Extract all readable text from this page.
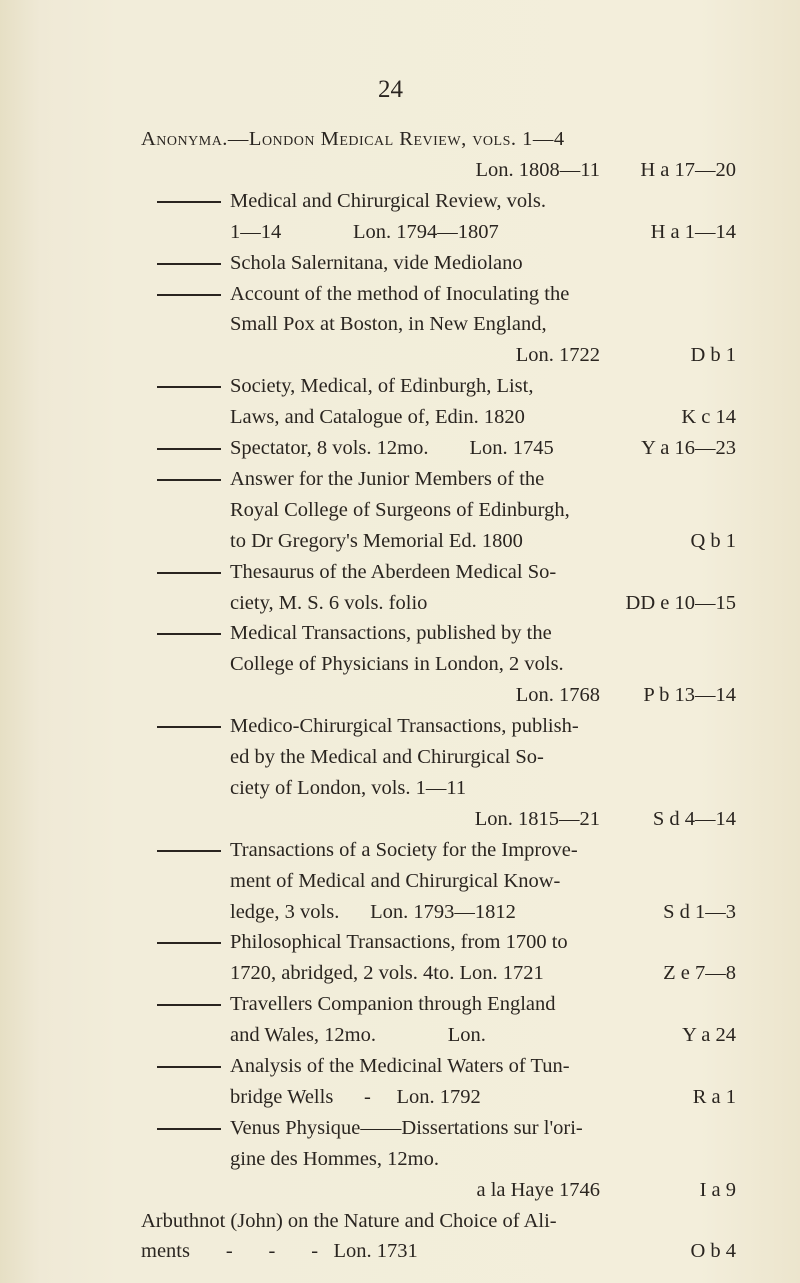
24
Anonyma.—London Medical Review, vols. 1—4
Lon. 1808—11 H a 17—20
Medical and Chirurgical Review, vols.
1—14              Lon. 1794—1807	H a 1—14
Schola Salernitana, vide Mediolano
Account of the method of Inoculating the
Small Pox at Boston, in New England,
Lon. 1722	D b 1
Society, Medical, of Edinburgh, List,
Laws, and Catalogue of, Edin. 1820	K c 14
Spectator, 8 vols. 12mo.        Lon. 1745	Y a 16—23
Answer for the Junior Members of the
Royal College of Surgeons of Edinburgh,
to Dr Gregory's Memorial Ed. 1800	Q b 1
Thesaurus of the Aberdeen Medical So-
ciety, M. S. 6 vols. folio	DD e 10—15
Medical Transactions, published by the
College of Physicians in London, 2 vols.
Lon. 1768 P b 13—14
Medico-Chirurgical Transactions, publish-
ed by the Medical and Chirurgical So-
ciety of London, vols. 1—11
Lon. 1815—21	S d 4—14
Transactions of a Society for the Improve-
ment of Medical and Chirurgical Know-
ledge, 3 vols.      Lon. 1793—1812	S d 1—3
Philosophical Transactions, from 1700 to
1720, abridged, 2 vols. 4to. Lon. 1721	Z e 7—8
Travellers Companion through England
and Wales, 12mo.              Lon.	Y a 24
Analysis of the Medicinal Waters of Tun-
bridge Wells      -     Lon. 1792	R a 1
Venus Physique——Dissertations sur l'ori-
gine des Hommes, 12mo.
a la Haye 1746	I a 9
Arbuthnot (John) on the Nature and Choice of Ali-
ments       -       -       -   Lon. 1731	O b 4
